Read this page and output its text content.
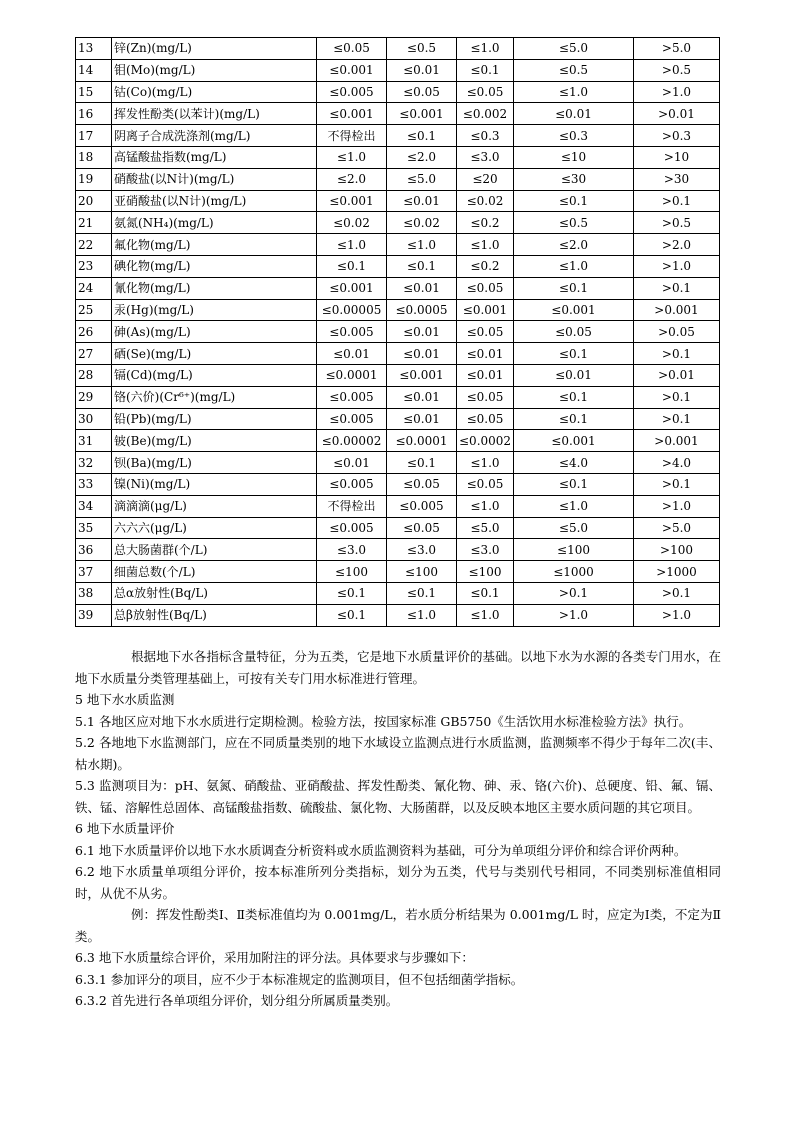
13	锌(Zn)(mg/L)	≤0.05	≤0.5	≤1.0	≤5.0	>5.0
14	钼(Mo)(mg/L)	≤0.001	≤0.01	≤0.1	≤0.5	>0.5
15	钴(Co)(mg/L)	≤0.005	≤0.05	≤0.05	≤1.0	>1.0
16	挥发性酚类(以苯计)(mg/L)	≤0.001	≤0.001	≤0.002	≤0.01	>0.01
17	阴离子合成洗涤剂(mg/L)	不得检出	≤0.1	≤0.3	≤0.3	>0.3
18	高锰酸盐指数(mg/L)	≤1.0	≤2.0	≤3.0	≤10	>10
19	硝酸盐(以N计)(mg/L)	≤2.0	≤5.0	≤20	≤30	>30
20	亚硝酸盐(以N计)(mg/L)	≤0.001	≤0.01	≤0.02	≤0.1	>0.1
21	氨氮(NH₄)(mg/L)	≤0.02	≤0.02	≤0.2	≤0.5	>0.5
22	氟化物(mg/L)	≤1.0	≤1.0	≤1.0	≤2.0	>2.0
23	碘化物(mg/L)	≤0.1	≤0.1	≤0.2	≤1.0	>1.0
24	氰化物(mg/L)	≤0.001	≤0.01	≤0.05	≤0.1	>0.1
25	汞(Hg)(mg/L)	≤0.00005	≤0.0005	≤0.001	≤0.001	>0.001
26	砷(As)(mg/L)	≤0.005	≤0.01	≤0.05	≤0.05	>0.05
27	硒(Se)(mg/L)	≤0.01	≤0.01	≤0.01	≤0.1	>0.1
28	镉(Cd)(mg/L)	≤0.0001	≤0.001	≤0.01	≤0.01	>0.01
29	铬(六价)(Cr⁶⁺)(mg/L)	≤0.005	≤0.01	≤0.05	≤0.1	>0.1
30	铅(Pb)(mg/L)	≤0.005	≤0.01	≤0.05	≤0.1	>0.1
31	铍(Be)(mg/L)	≤0.00002	≤0.0001	≤0.0002	≤0.001	>0.001
32	钡(Ba)(mg/L)	≤0.01	≤0.1	≤1.0	≤4.0	>4.0
33	镍(Ni)(mg/L)	≤0.005	≤0.05	≤0.05	≤0.1	>0.1
34	滴滴滴(μg/L)	不得检出	≤0.005	≤1.0	≤1.0	>1.0
35	六六六(μg/L)	≤0.005	≤0.05	≤5.0	≤5.0	>5.0
36	总大肠菌群(个/L)	≤3.0	≤3.0	≤3.0	≤100	>100
37	细菌总数(个/L)	≤100	≤100	≤100	≤1000	>1000
38	总α放射性(Bq/L)	≤0.1	≤0.1	≤0.1	>0.1	>0.1
39	总β放射性(Bq/L)	≤0.1	≤1.0	≤1.0	>1.0	>1.0

根据地下水各指标含量特征，分为五类，它是地下水质量评价的基础。以地下水为水源的各类专门用水，在地下水质量分类管理基础上，可按有关专门用水标准进行管理。

5 地下水水质监测

5.1 各地区应对地下水水质进行定期检测。检验方法，按国家标准 GB5750《生活饮用水标准检验方法》执行。

5.2 各地地下水监测部门，应在不同质量类别的地下水域设立监测点进行水质监测，监测频率不得少于每年二次(丰、枯水期)。

5.3 监测项目为：pH、氨氮、硝酸盐、亚硝酸盐、挥发性酚类、氰化物、砷、汞、铬(六价)、总硬度、铅、氟、镉、铁、锰、溶解性总固体、高锰酸盐指数、硫酸盐、氯化物、大肠菌群，以及反映本地区主要水质问题的其它项目。

6 地下水质量评价

6.1 地下水质量评价以地下水水质调查分析资料或水质监测资料为基础，可分为单项组分评价和综合评价两种。

6.2 地下水质量单项组分评价，按本标准所列分类指标，划分为五类，代号与类别代号相同，不同类别标准值相同时，从优不从劣。

例：挥发性酚类Ⅰ、Ⅱ类标准值均为 0.001mg/L，若水质分析结果为 0.001mg/L 时，应定为Ⅰ类，不定为Ⅱ类。

6.3 地下水质量综合评价，采用加附注的评分法。具体要求与步骤如下：

6.3.1 参加评分的项目，应不少于本标准规定的监测项目，但不包括细菌学指标。

6.3.2 首先进行各单项组分评价，划分组分所属质量类别。
